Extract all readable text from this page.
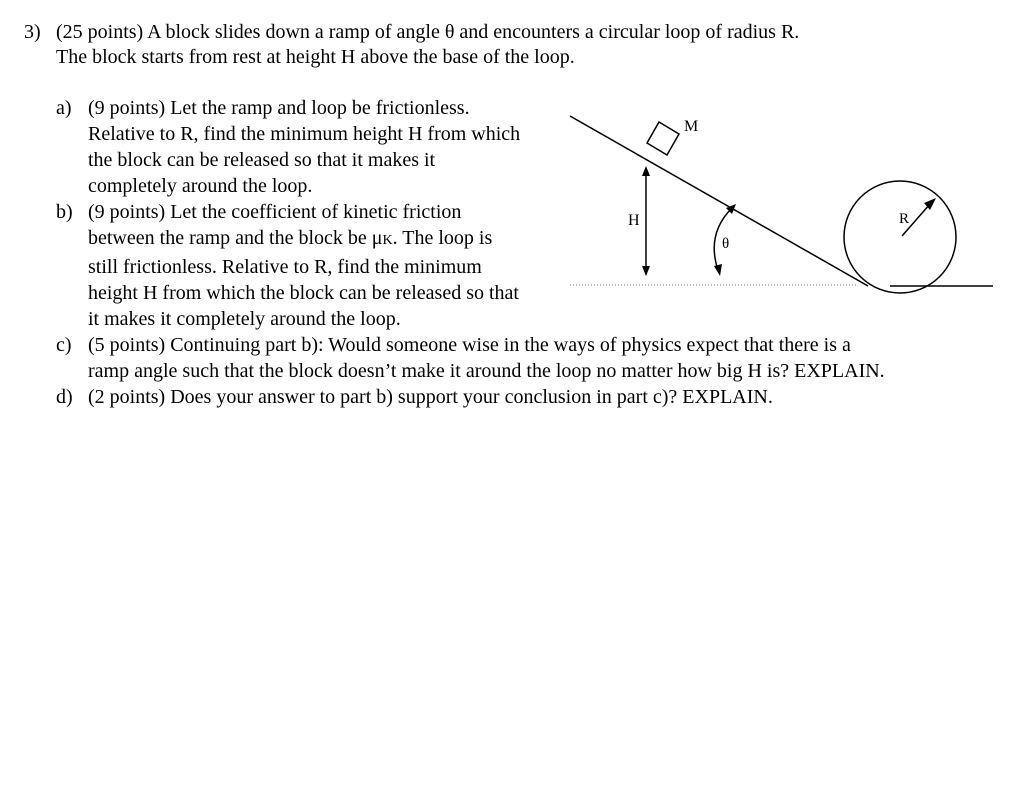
3) (25 points) A block slides down a ramp of angle θ and encounters a circular loop of radius R.
The block starts from rest at height H above the base of the loop.
a) (9 points) Let the ramp and loop be frictionless.
Relative to R, find the minimum height H from which
the block can be released so that it makes it
completely around the loop.
b) (9 points) Let the coefficient of kinetic friction
between the ramp and the block be μK. The loop is
still frictionless. Relative to R, find the minimum
height H from which the block can be released so that
it makes it completely around the loop.
c) (5 points) Continuing part b): Would someone wise in the ways of physics expect that there is a
ramp angle such that the block doesn’t make it around the loop no matter how big H is? EXPLAIN.
d) (2 points) Does your answer to part b) support your conclusion in part c)? EXPLAIN.
M
H
θ
R
